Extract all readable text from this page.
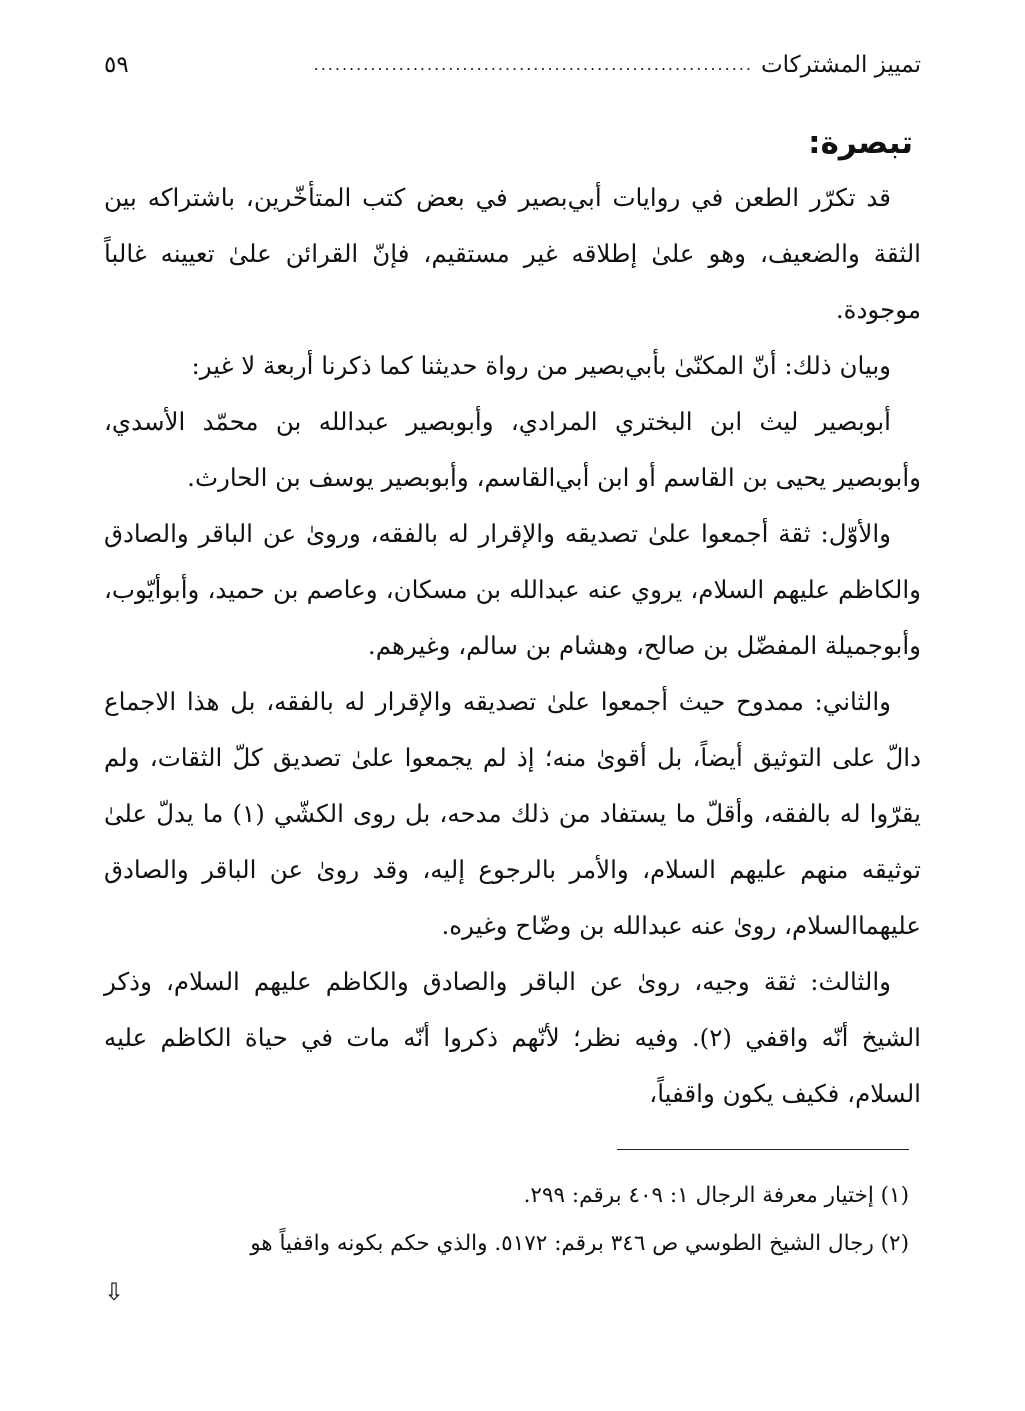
تمييز المشتركات
..............................................................
٥٩
تبصرة:

قد تكرّر الطعن في روايات أبي‌بصير في بعض كتب المتأخّرين، باشتراكه بين الثقة والضعيف، وهو علىٰ إطلاقه غير مستقيم، فإنّ القرائن علىٰ تعيينه غالباً موجودة.

وبيان ذلك: أنّ المكنّىٰ بأبي‌بصير من رواة حديثنا كما ذكرنا أربعة لا غير:

أبوبصير ليث ابن البختري المرادي، وأبوبصير عبدالله بن محمّد الأسدي، وأبوبصير يحيى بن القاسم أو ابن أبي‌القاسم، وأبوبصير يوسف بن الحارث.

والأوّل: ثقة أجمعوا علىٰ تصديقه والإقرار له بالفقه، وروىٰ عن الباقر والصادق والكاظم عليهم السلام، يروي عنه عبدالله بن مسكان، وعاصم بن حميد، وأبوأيّوب، وأبوجميلة المفضّل بن صالح، وهشام بن سالم، وغيرهم.

والثاني: ممدوح حيث أجمعوا علىٰ تصديقه والإقرار له بالفقه، بل هذا الاجماع دالّ على التوثيق أيضاً، بل أقوىٰ منه؛ إذ لم يجمعوا علىٰ تصديق كلّ الثقات، ولم يقرّوا له بالفقه، وأقلّ ما يستفاد من ذلك مدحه، بل روى الكشّي (١) ما يدلّ علىٰ توثيقه منهم عليهم السلام، والأمر بالرجوع إليه، وقد روىٰ عن الباقر والصادق عليهماالسلام، روىٰ عنه عبدالله بن وضّاح وغيره.

والثالث: ثقة وجيه، روىٰ عن الباقر والصادق والكاظم عليهم السلام، وذكر الشيخ أنّه واقفي (٢). وفيه نظر؛ لأنّهم ذكروا أنّه مات في حياة الكاظم عليه السلام، فكيف يكون واقفياً،

(١) إختيار معرفة الرجال ١: ٤٠٩ برقم: ٢٩٩.

(٢) رجال الشيخ الطوسي ص ٣٤٦ برقم: ٥١٧٢. والذي حكم بكونه واقفياً هو

⇩
